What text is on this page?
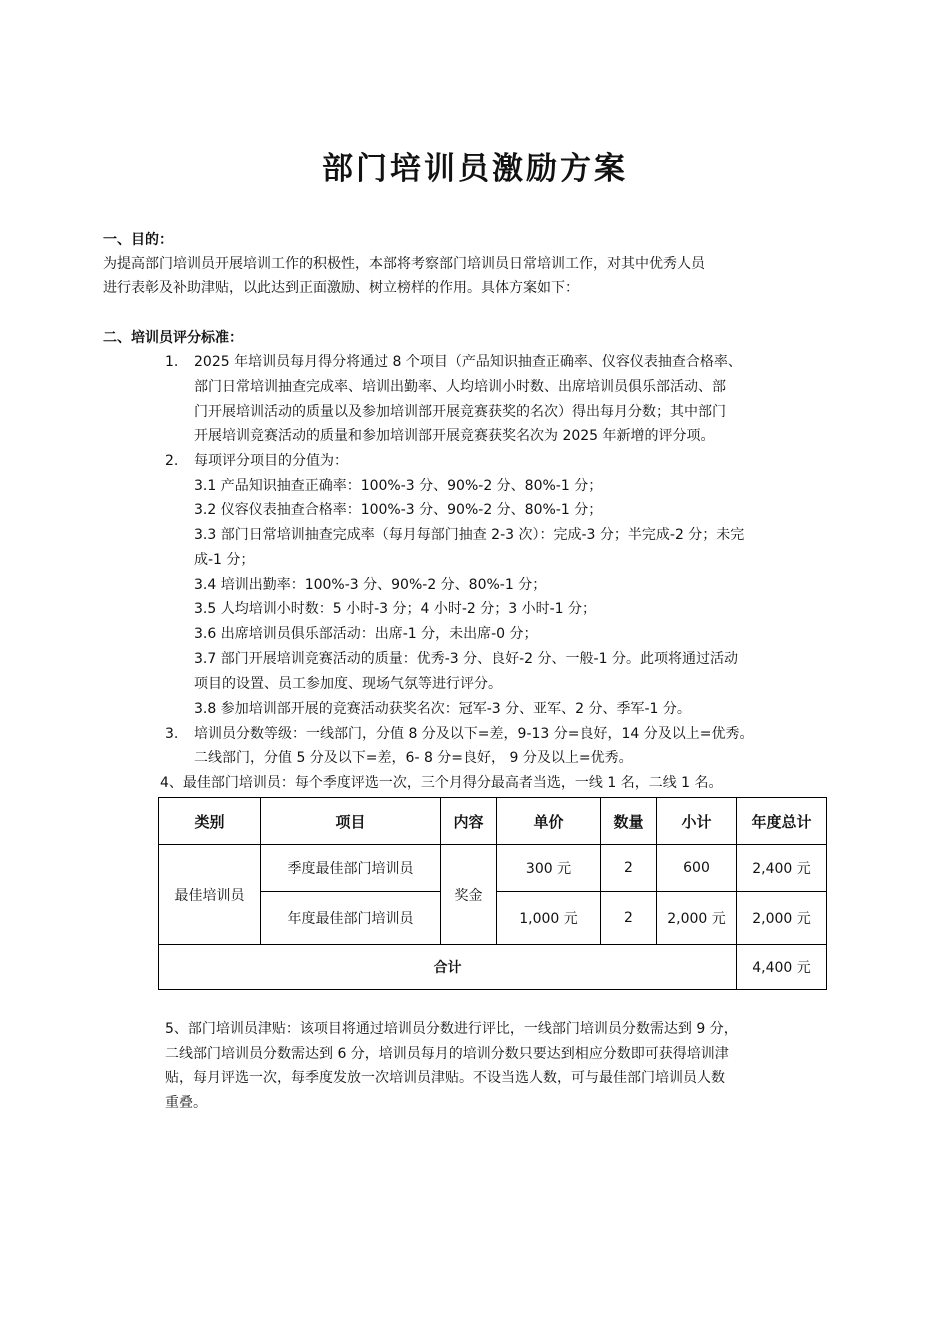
部门培训员激励方案
一、目的：
为提高部门培训员开展培训工作的积极性，本部将考察部门培训员日常培训工作，对其中优秀人员
进行表彰及补助津贴，以此达到正面激励、树立榜样的作用。具体方案如下：
二、培训员评分标准：
1. 2025 年培训员每月得分将通过 8 个项目（产品知识抽查正确率、仪容仪表抽查合格率、
部门日常培训抽查完成率、培训出勤率、人均培训小时数、出席培训员俱乐部活动、部
门开展培训活动的质量以及参加培训部开展竞赛获奖的名次）得出每月分数；其中部门
开展培训竞赛活动的质量和参加培训部开展竞赛获奖名次为 2025 年新增的评分项。
2. 每项评分项目的分值为：
3.1 产品知识抽查正确率：100%-3 分、90%-2 分、80%-1 分；
3.2 仪容仪表抽查合格率：100%-3 分、90%-2 分、80%-1 分；
3.3 部门日常培训抽查完成率（每月每部门抽查 2-3 次）：完成-3 分；半完成-2 分；未完
成-1 分；
3.4 培训出勤率：100%-3 分、90%-2 分、80%-1 分；
3.5 人均培训小时数：5 小时-3 分；4 小时-2 分；3 小时-1 分；
3.6 出席培训员俱乐部活动：出席-1 分，未出席-0 分；
3.7 部门开展培训竞赛活动的质量：优秀-3 分、良好-2 分、一般-1 分。此项将通过活动
项目的设置、员工参加度、现场气氛等进行评分。
3.8 参加培训部开展的竞赛活动获奖名次：冠军-3 分、亚军、2 分、季军-1 分。
3. 培训员分数等级：一线部门，分值 8 分及以下=差，9-13 分=良好，14 分及以上=优秀。
二线部门，分值 5 分及以下=差，6- 8 分=良好， 9 分及以上=优秀。
4、最佳部门培训员：每个季度评选一次，三个月得分最高者当选，一线 1 名，二线 1 名。
类别	项目	内容	单价	数量	小计	年度总计
最佳培训员	季度最佳部门培训员	奖金	300 元	2	600	2,400 元
	年度最佳部门培训员		1,000 元	2	2,000 元	2,000 元
合计						4,400 元
5、部门培训员津贴：该项目将通过培训员分数进行评比，一线部门培训员分数需达到 9 分，
二线部门培训员分数需达到 6 分，培训员每月的培训分数只要达到相应分数即可获得培训津
贴，每月评选一次，每季度发放一次培训员津贴。不设当选人数，可与最佳部门培训员人数
重叠。
